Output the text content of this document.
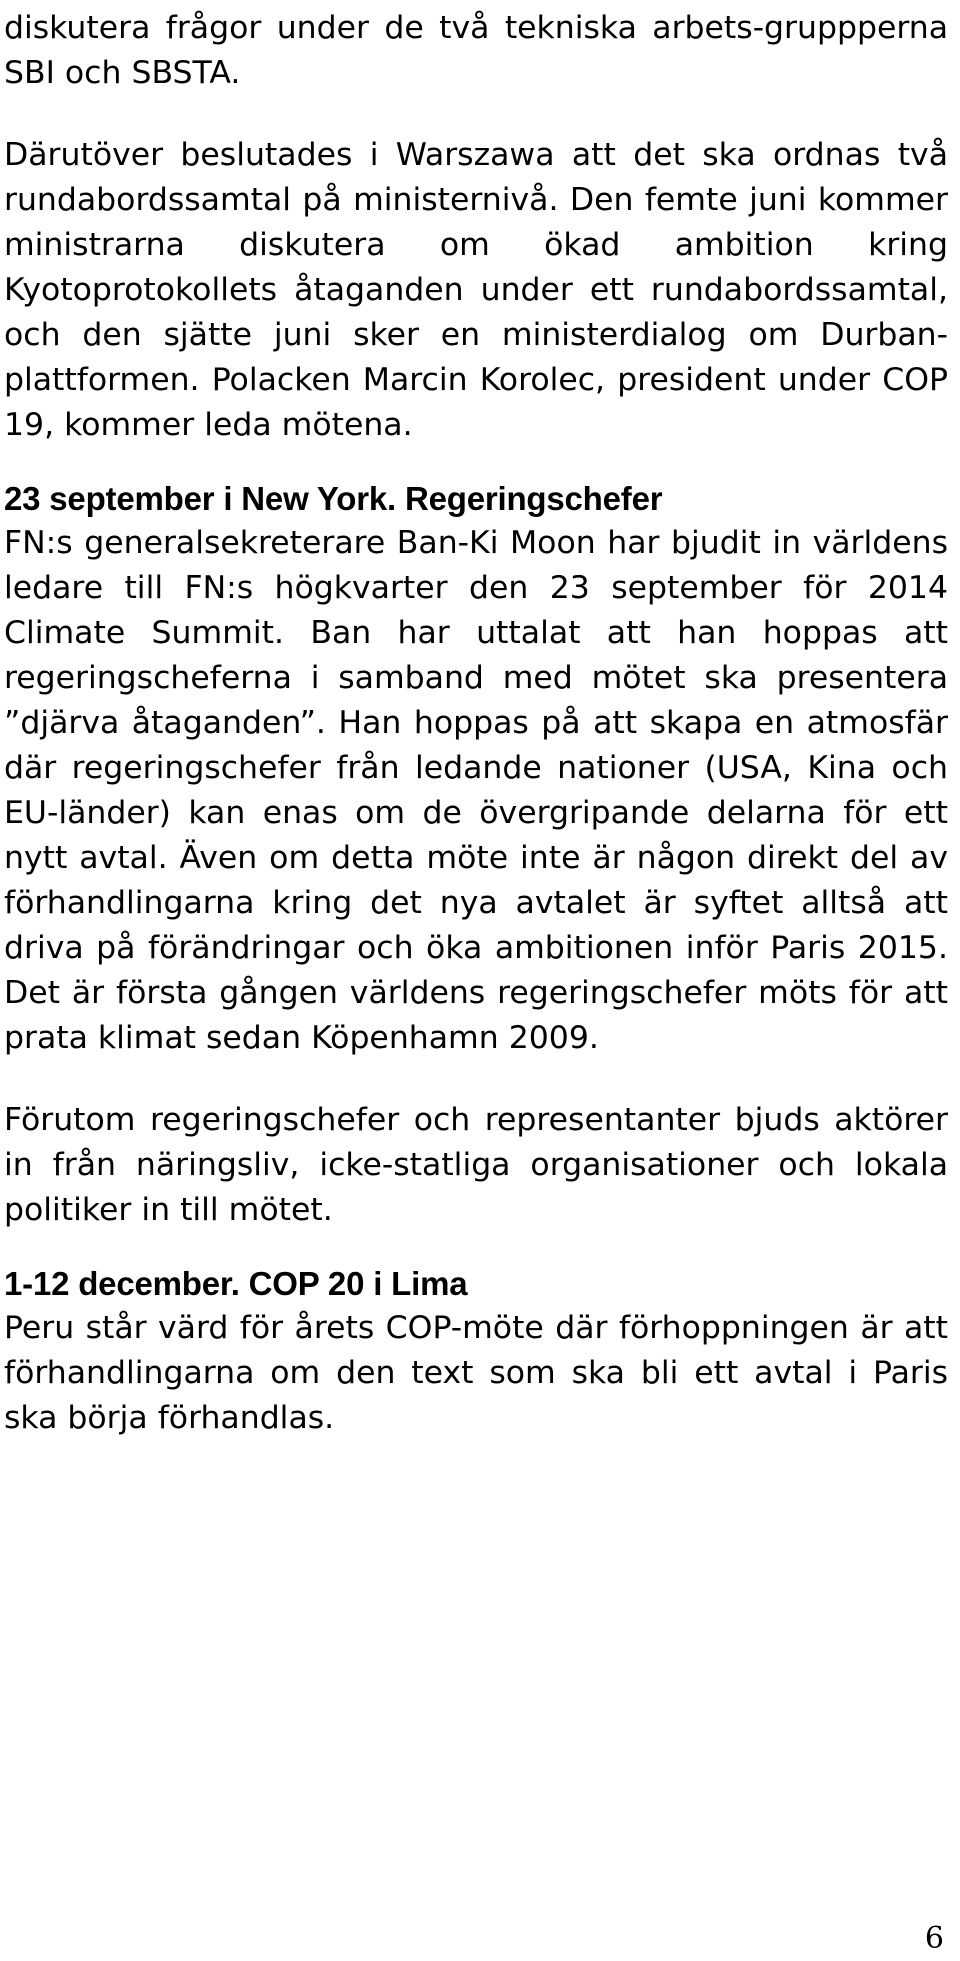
diskutera frågor under de två tekniska arbets-gruppperna SBI och SBSTA.

Därutöver beslutades i Warszawa att det ska ordnas två rundabordssamtal på ministernivå. Den femte juni kommer ministrarna diskutera om ökad ambition kring Kyotoprotokollets åtaganden under ett rundabordssamtal, och den sjätte juni sker en ministerdialog om Durban-plattformen. Polacken Marcin Korolec, president under COP 19, kommer leda mötena.

23 september i New York. Regeringschefer

FN:s generalsekreterare Ban-Ki Moon har bjudit in världens ledare till FN:s högkvarter den 23 september för 2014 Climate Summit. Ban har uttalat att han hoppas att regeringscheferna i samband med mötet ska presentera ”djärva åtaganden”. Han hoppas på att skapa en atmosfär där regeringschefer från ledande nationer (USA, Kina och EU-länder) kan enas om de övergripande delarna för ett nytt avtal. Även om detta möte inte är någon direkt del av förhandlingarna kring det nya avtalet är syftet alltså att driva på förändringar och öka ambitionen inför Paris 2015. Det är första gången världens regeringschefer möts för att prata klimat sedan Köpenhamn 2009.

Förutom regeringschefer och representanter bjuds aktörer in från näringsliv, icke-statliga organisationer och lokala politiker in till mötet.

1-12 december. COP 20 i Lima

Peru står värd för årets COP-möte där förhoppningen är att förhandlingarna om den text som ska bli ett avtal i Paris ska börja förhandlas.

6
